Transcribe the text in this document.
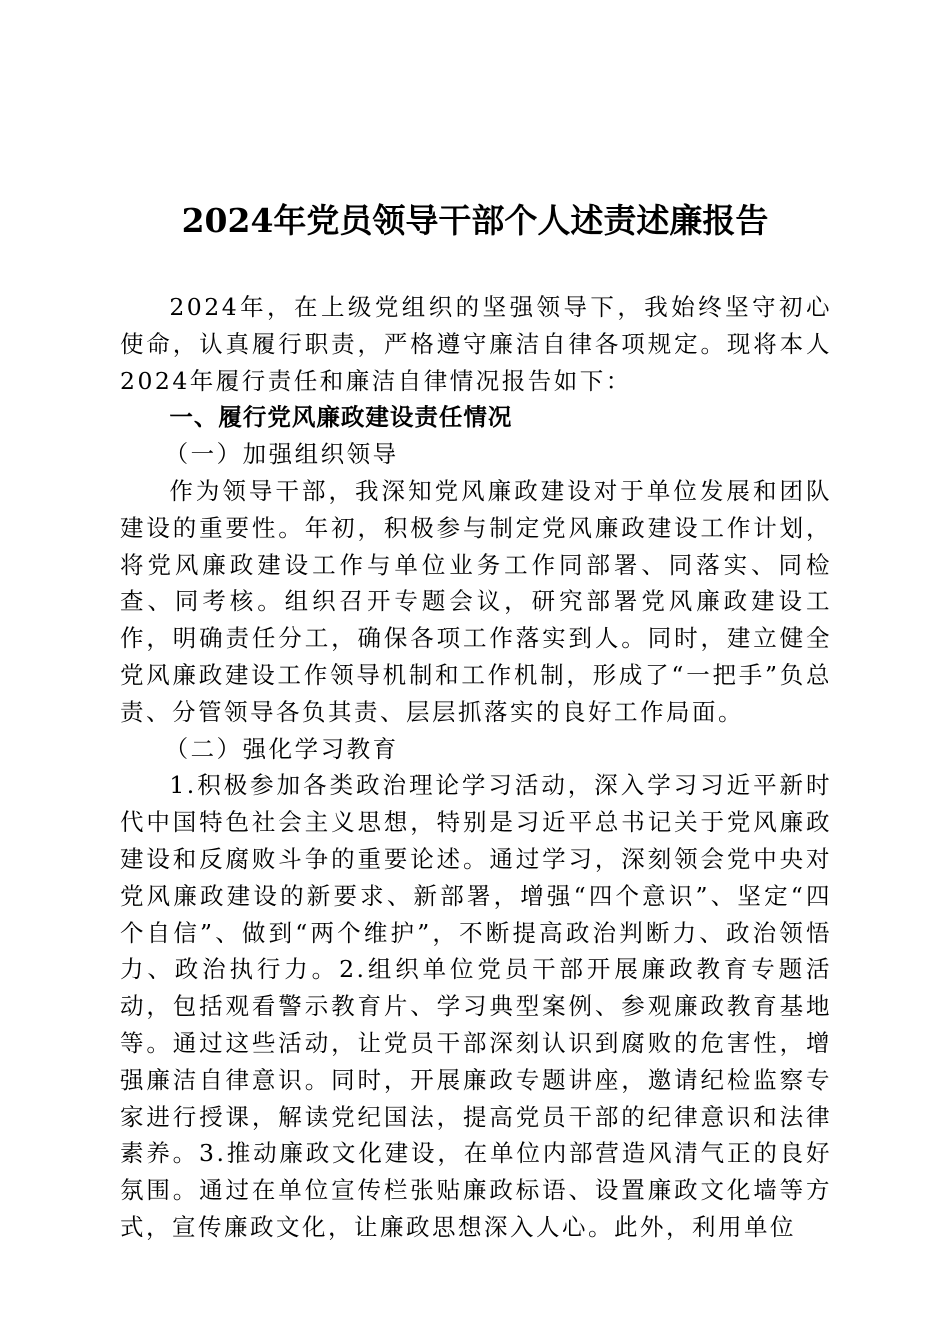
2024年党员领导干部个人述责述廉报告

2024年，在上级党组织的坚强领导下，我始终坚守初心使命，认真履行职责，严格遵守廉洁自律各项规定。现将本人2024年履行责任和廉洁自律情况报告如下：

一、履行党风廉政建设责任情况

（一）加强组织领导

作为领导干部，我深知党风廉政建设对于单位发展和团队建设的重要性。年初，积极参与制定党风廉政建设工作计划，将党风廉政建设工作与单位业务工作同部署、同落实、同检查、同考核。组织召开专题会议，研究部署党风廉政建设工作，明确责任分工，确保各项工作落实到人。同时，建立健全党风廉政建设工作领导机制和工作机制，形成了“一把手”负总责、分管领导各负其责、层层抓落实的良好工作局面。

（二）强化学习教育

1.积极参加各类政治理论学习活动，深入学习习近平新时代中国特色社会主义思想，特别是习近平总书记关于党风廉政建设和反腐败斗争的重要论述。通过学习，深刻领会党中央对党风廉政建设的新要求、新部署，增强“四个意识”、坚定“四个自信”、做到“两个维护”，不断提高政治判断力、政治领悟力、政治执行力。2.组织单位党员干部开展廉政教育专题活动，包括观看警示教育片、学习典型案例、参观廉政教育基地等。通过这些活动，让党员干部深刻认识到腐败的危害性，增强廉洁自律意识。同时，开展廉政专题讲座，邀请纪检监察专家进行授课，解读党纪国法，提高党员干部的纪律意识和法律素养。3.推动廉政文化建设，在单位内部营造风清气正的良好氛围。通过在单位宣传栏张贴廉政标语、设置廉政文化墙等方式，宣传廉政文化，让廉政思想深入人心。此外，利用单位
